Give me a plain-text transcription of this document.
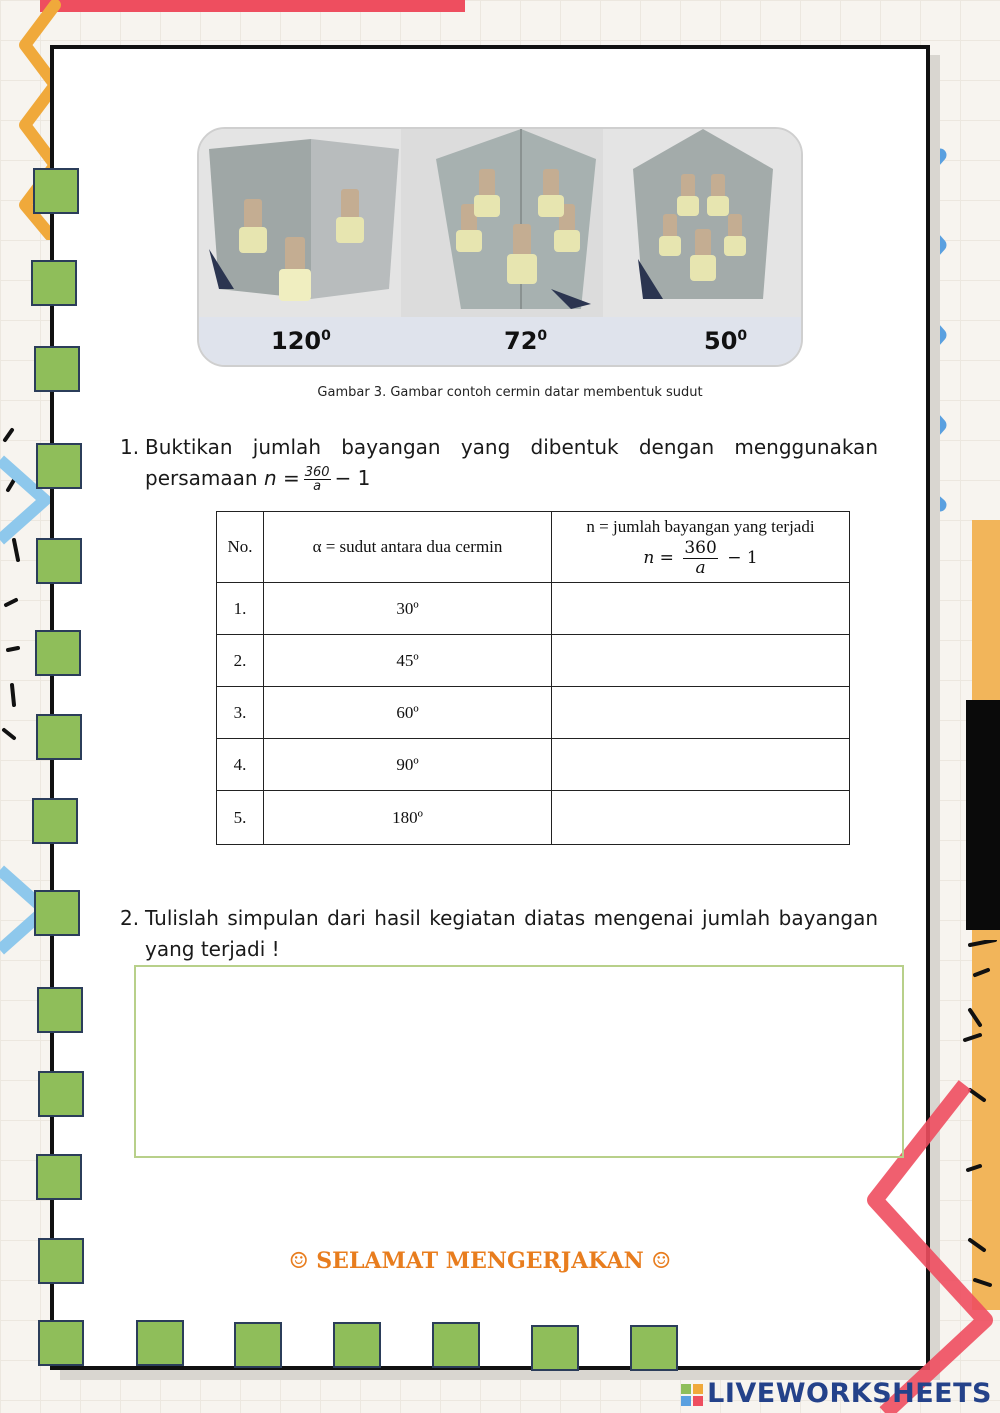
$120^0$	$72^0$	$50^0$
Gambar 3. Gambar contoh cermin datar membentuk sudut
1. Buktikan jumlah bayangan yang dibentuk dengan menggunakan persamaan $n = \frac{360}{a} - 1$
No.	α = sudut antara dua cermin	n = jumlah bayangan yang terjadi
$n = \frac{360}{a} - 1$

1.	30º	
2.	45º	
3.	60º	
4.	90º	
5.	180º	
2. Tulislah simpulan dari hasil kegiatan diatas mengenai jumlah bayangan yang terjadi !
☺ SELAMAT MENGERJAKAN ☺
LIVEWORKSHEETS
